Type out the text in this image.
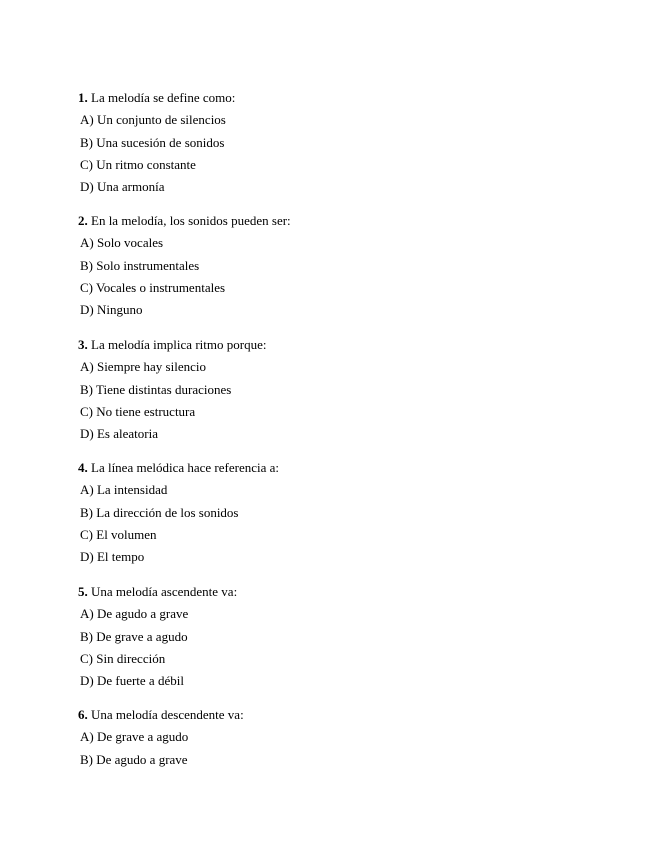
1. La melodía se define como:
A) Un conjunto de silencios
B) Una sucesión de sonidos
C) Un ritmo constante
D) Una armonía
2. En la melodía, los sonidos pueden ser:
A) Solo vocales
B) Solo instrumentales
C) Vocales o instrumentales
D) Ninguno
3. La melodía implica ritmo porque:
A) Siempre hay silencio
B) Tiene distintas duraciones
C) No tiene estructura
D) Es aleatoria
4. La línea melódica hace referencia a:
A) La intensidad
B) La dirección de los sonidos
C) El volumen
D) El tempo
5. Una melodía ascendente va:
A) De agudo a grave
B) De grave a agudo
C) Sin dirección
D) De fuerte a débil
6. Una melodía descendente va:
A) De grave a agudo
B) De agudo a grave
